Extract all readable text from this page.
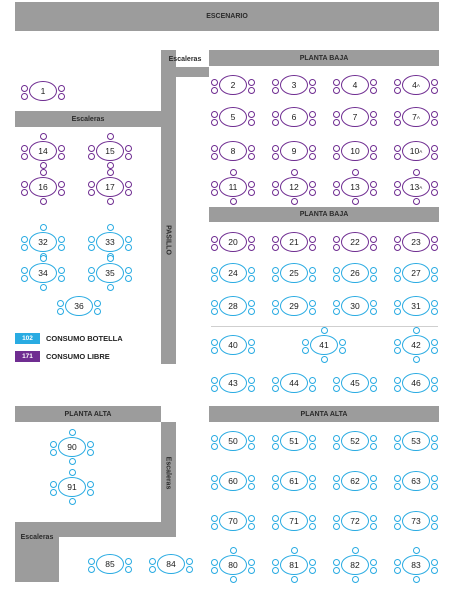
ESCENARIO
Escaleras
PASILLO
PLANTA BAJA
Escaleras
PLANTA BAJA
PLANTA ALTA	PLANTA ALTA
Escaleras
Escaleras
102	CONSUMO BOTELLA
171	CONSUMO LIBRE
1
14	15
16	17
32	33
34	35
36
2	3	4	4 A
5	6	7	7 A
8	9	10	10 A
11	12	13	13 A
20	21	22	23
24	25	26	27
28	29	30	31
40	41	42
43	44	45	46
90
91
50	51	52	53
60	61	62	63
70	71	72	73
80	81	82	83
85	84
